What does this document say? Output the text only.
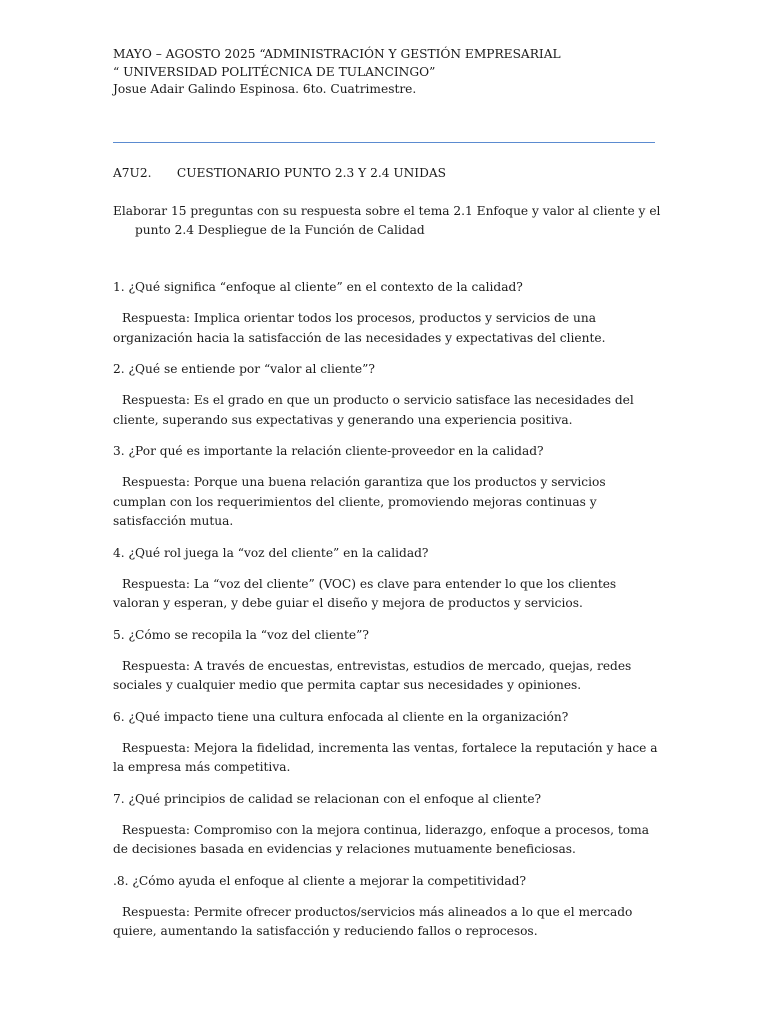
MAYO – AGOSTO 2025 “ADMINISTRACIÓN Y GESTIÓN EMPRESARIAL

“ UNIVERSIDAD POLITÉCNICA DE TULANCINGO”

Josue Adair Galindo Espinosa. 6to. Cuatrimestre.

A7U2. CUESTIONARIO PUNTO 2.3 Y 2.4 UNIDAS
Elaborar 15 preguntas con su respuesta sobre el tema 2.1 Enfoque y valor al cliente y el
punto 2.4 Despliegue de la Función de Calidad

1. ¿Qué significa “enfoque al cliente” en el contexto de la calidad?

Respuesta: Implica orientar todos los procesos, productos y servicios de una organización hacia la satisfacción de las necesidades y expectativas del cliente.

2. ¿Qué se entiende por “valor al cliente”?

Respuesta: Es el grado en que un producto o servicio satisface las necesidades del cliente, superando sus expectativas y generando una experiencia positiva.

3. ¿Por qué es importante la relación cliente-proveedor en la calidad?

Respuesta: Porque una buena relación garantiza que los productos y servicios cumplan con los requerimientos del cliente, promoviendo mejoras continuas y satisfacción mutua.

4. ¿Qué rol juega la “voz del cliente” en la calidad?

Respuesta: La “voz del cliente” (VOC) es clave para entender lo que los clientes valoran y esperan, y debe guiar el diseño y mejora de productos y servicios.

5. ¿Cómo se recopila la “voz del cliente”?

Respuesta: A través de encuestas, entrevistas, estudios de mercado, quejas, redes sociales y cualquier medio que permita captar sus necesidades y opiniones.

6. ¿Qué impacto tiene una cultura enfocada al cliente en la organización?

Respuesta: Mejora la fidelidad, incrementa las ventas, fortalece la reputación y hace a la empresa más competitiva.

7. ¿Qué principios de calidad se relacionan con el enfoque al cliente?

Respuesta: Compromiso con la mejora continua, liderazgo, enfoque a procesos, toma de decisiones basada en evidencias y relaciones mutuamente beneficiosas.

.8. ¿Cómo ayuda el enfoque al cliente a mejorar la competitividad?

Respuesta: Permite ofrecer productos/servicios más alineados a lo que el mercado quiere, aumentando la satisfacción y reduciendo fallos o reprocesos.
